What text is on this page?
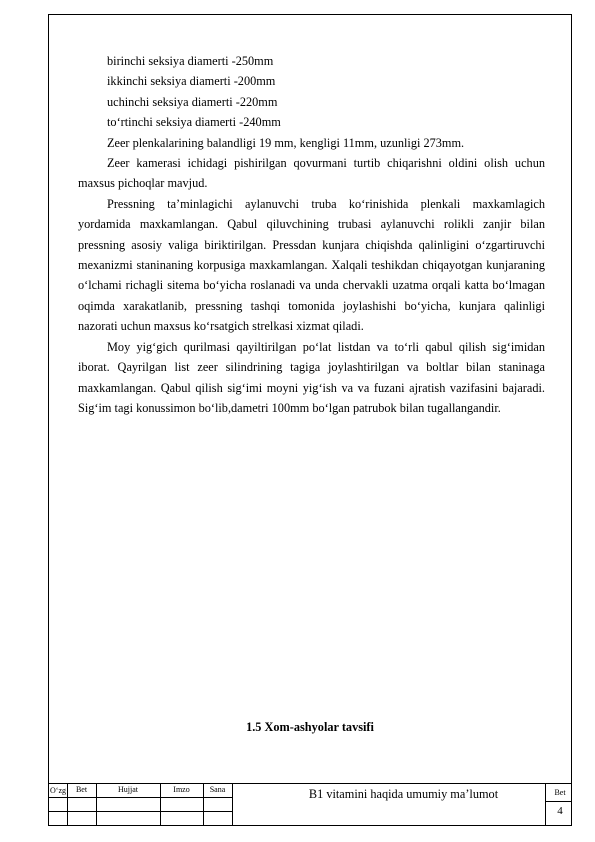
birinchi seksiya diamerti -250mm

ikkinchi seksiya diamerti -200mm

uchinchi seksiya diamerti -220mm

to‘rtinchi seksiya diamerti -240mm

Zeer plenkalarining balandligi 19 mm, kengligi 11mm, uzunligi 273mm.

Zeer kamerasi ichidagi pishirilgan qovurmani turtib chiqarishni oldini olish uchun maxsus pichoqlar mavjud.

Pressning ta’minlagichi aylanuvchi truba ko‘rinishida plenkali maxkamlagich yordamida maxkamlangan. Qabul qiluvchining trubasi aylanuvchi rolikli zanjir bilan pressning asosiy valiga biriktirilgan. Pressdan kunjara chiqishda qalinligini o‘zgartiruvchi mexanizmi staninaning korpusiga maxkamlangan. Xalqali teshikdan chiqayotgan kunjaraning o‘lchami richagli sitema bo‘yicha roslanadi va unda chervakli uzatma orqali katta bo‘lmagan oqimda xarakatlanib, pressning tashqi tomonida joylashishi bo‘yicha, kunjara qalinligi nazorati uchun maxsus ko‘rsatgich strelkasi xizmat qiladi.

Moy yig‘gich qurilmasi qayiltirilgan po‘lat listdan va to‘rli qabul qilish sig‘imidan iborat. Qayrilgan list zeer silindrining tagiga joylashtirilgan va boltlar bilan staninaga maxkamlangan. Qabul qilish sig‘imi moyni yig‘ish va va fuzani ajratish vazifasini bajaradi. Sig‘im tagi konussimon bo‘lib,dametri 100mm bo‘lgan patrubok bilan tugallangandir.

1.5 Xom-ashyolar tavsifi
O‘zg	Bet	Hujjat	Imzo	Sana	B1 vitamini haqida umumiy ma’lumot	Bet
4
